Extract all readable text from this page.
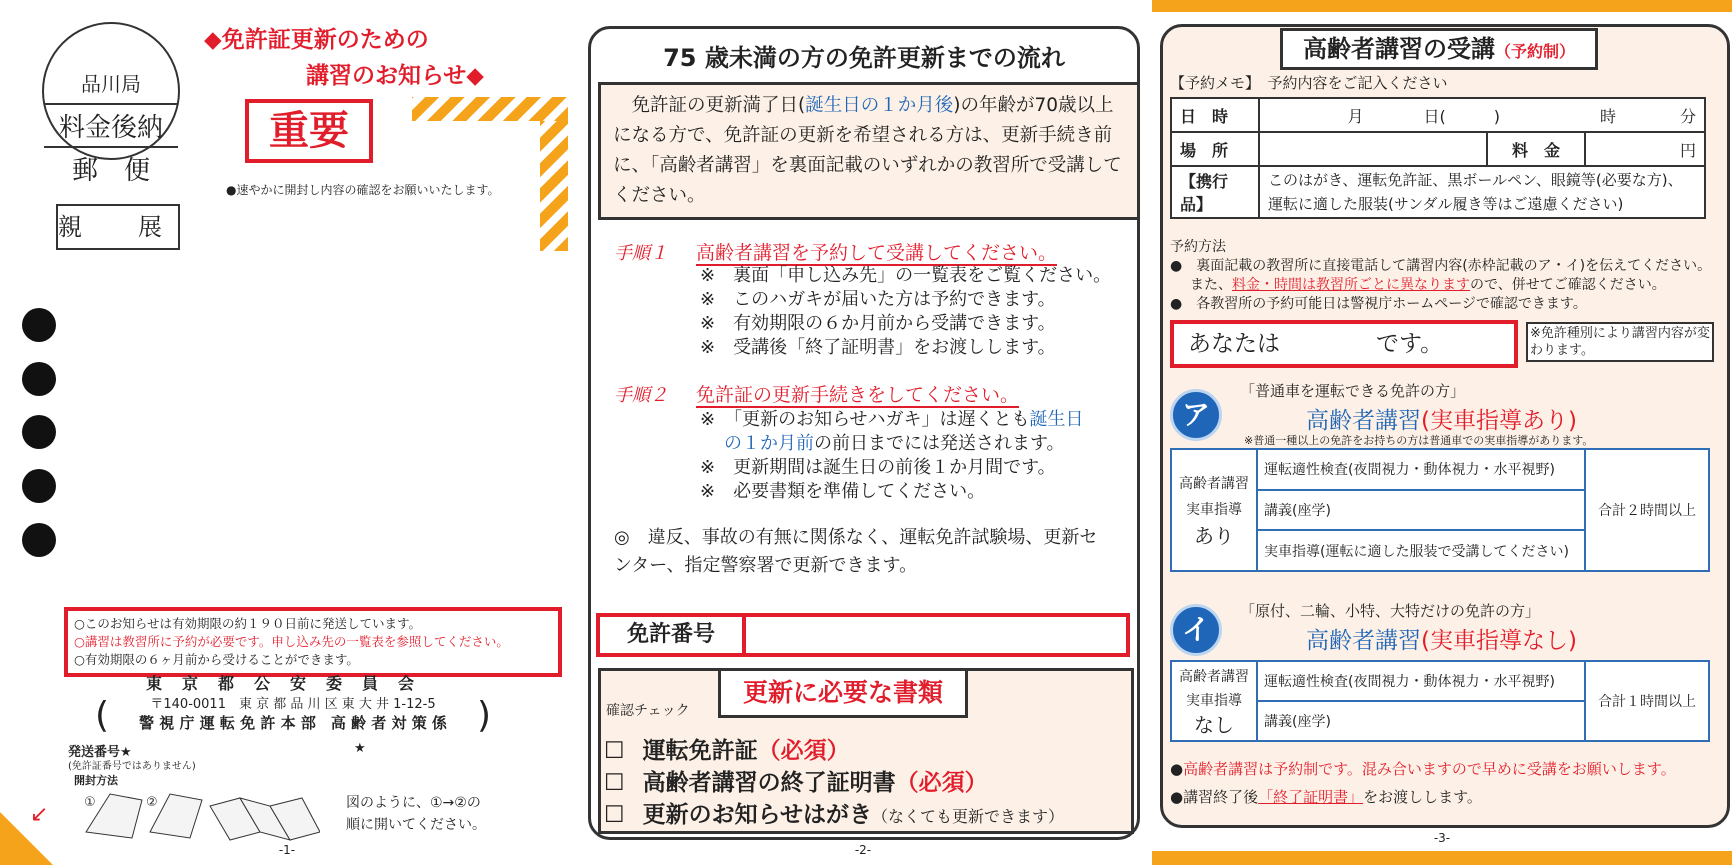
品川局
料金後納
郵　便
親　展
◆免許証更新のための
講習のお知らせ◆
重要
●速やかに開封し内容の確認をお願いいたします。
○このお知らせは有効期限の約１９０日前に発送しています。
○講習は教習所に予約が必要です。申し込み先の一覧表を参照してください。
○有効期限の６ヶ月前から受けることができます。
東京都公安委員会
(	〒140-0011　東 京 都 品 川 区 東 大 井 1-12-5
警 視 庁 運 転 免 許 本 部　高 齢 者 対 策 係 )
発送番号★	★
(免許証番号ではありません)
開封方法
①	②	図のように、①→②の
順に開いてください。
↙
-1-
75 歳未満の方の免許更新までの流れ
　免許証の更新満了日(誕生日の１か月後)の年齢が70歳以上になる方で、免許証の更新を希望される方は、更新手続き前に、「高齢者講習」を裏面記載のいずれかの教習所で受講してください。
手順１ 高齢者講習を予約して受講してください。
※　裏面「申し込み先」の一覧表をご覧ください。
※　このハガキが届いた方は予約できます。
※　有効期限の６か月前から受講できます。
※　受講後「終了証明書」をお渡しします。
手順２ 免許証の更新手続きをしてください。
※　「更新のお知らせハガキ」は遅くとも誕生日
の１か月前の前日までには発送されます。
※　更新期間は誕生日の前後１か月間です。
※　必要書類を準備してください。
◎　違反、事故の有無に関係なく、運転免許試験場、更新センター、指定警察署で更新できます。
免許番号
更新に必要な書類
確認チェック
☐ 運転免許証（必須）
☐ 高齢者講習の終了証明書（必須）
☐ 更新のお知らせはがき（なくても更新できます）
-2-
高齢者講習の受講（予約制）
【予約メモ】　予約内容をご記入ください
日　時	月 日(　　　) 時 分		
場　所		料　金	円
【携行品】	このはがき、運転免許証、黒ボールペン、眼鏡等(必要な方)、運転に適した服装(サンダル履き等はご遠慮ください)		
予約方法
●　裏面記載の教習所に直接電話して講習内容(赤枠記載のア・イ)を伝えてください。
また、料金・時間は教習所ごとに異なりますので、併せてご確認ください。
●　各教習所の予約可能日は警視庁ホームページで確認できます。
あなたは	です。	※免許種別により講習内容が変わります。
ア
「普通車を運転できる免許の方」
高齢者講習(実車指導あり)
※普通一種以上の免許をお持ちの方は普通車での実車指導があります。
高齢者講習
実車指導
あり
	運転適性検査(夜間視力・動体視力・水平視野)	合計２時間以上
講義(座学)
実車指導(運転に適した服装で受講してください)
イ
「原付、二輪、小特、大特だけの免許の方」
高齢者講習(実車指導なし)
高齢者講習
実車指導
なし
	運転適性検査(夜間視力・動体視力・水平視野)	合計１時間以上
講義(座学)
●高齢者講習は予約制です。混み合いますので早めに受講をお願いします。
●講習終了後「終了証明書」をお渡しします。
-3-
